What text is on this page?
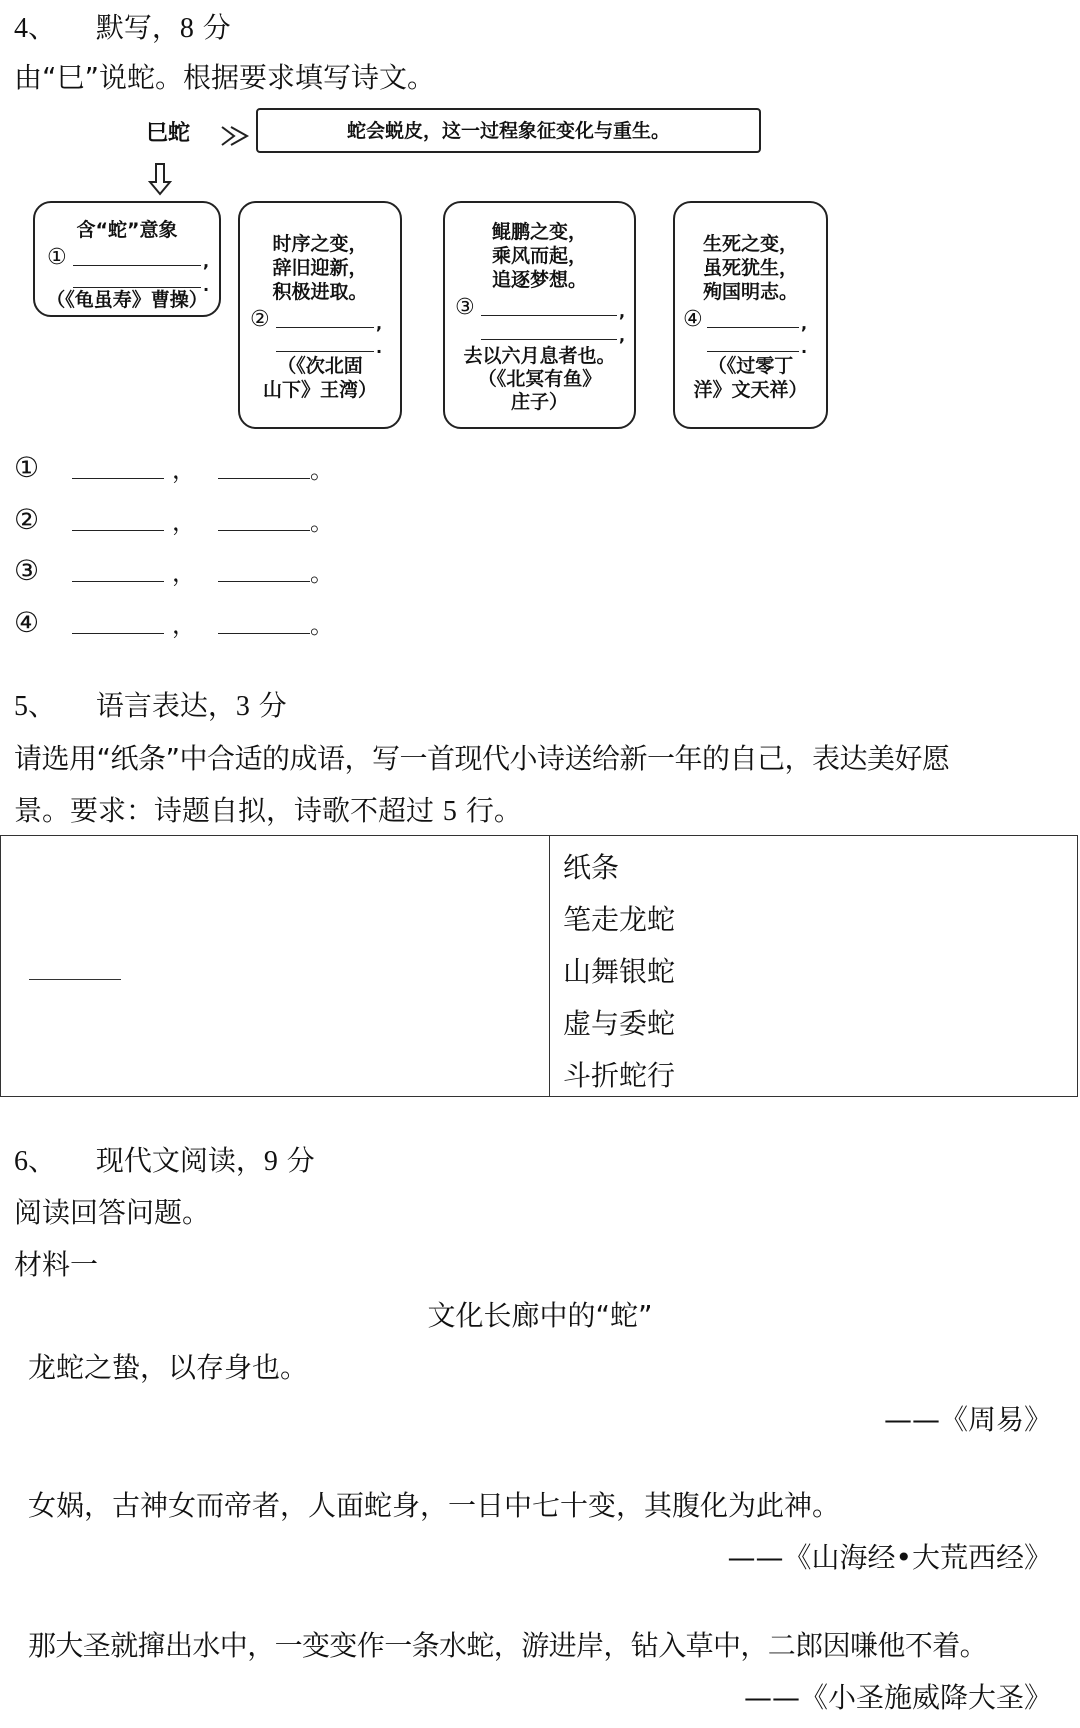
4、 默写，8 分
由“巳”说蛇。根据要求填写诗文。
巳蛇	蛇会蜕皮，这一过程象征变化与重生。
含“蛇”意象
①	,
.
（《龟虽寿》曹操）
时序之变，
辞旧迎新，
积极进取。
②	,
.
（《次北固
山下》王湾）
鲲鹏之变，
乘风而起，
追逐梦想。
③	,
,
去以六月息者也。
（《北冥有鱼》
庄子）
生死之变，
虽死犹生，
殉国明志。
④	,
.
（《过零丁
洋》文天祥）
①	，	。
②	，	。
③	，	。
④	，	。
5、 语言表达，3 分
请选用“纸条”中合适的成语，写一首现代小诗送给新一年的自己，表达美好愿
景。要求：诗题自拟，诗歌不超过 5 行。
纸条
笔走龙蛇
山舞银蛇
虚与委蛇
斗折蛇行
6、 现代文阅读，9 分
阅读回答问题。
材料一
文化长廊中的“蛇”
龙蛇之蛰，以存身也。
——《周易》
女娲，古神女而帝者，人面蛇身，一日中七十变，其腹化为此神。
——《山海经•大荒西经》
那大圣就撺出水中，一变变作一条水蛇，游进岸，钻入草中，二郎因嗛他不着。
——《小圣施威降大圣》
